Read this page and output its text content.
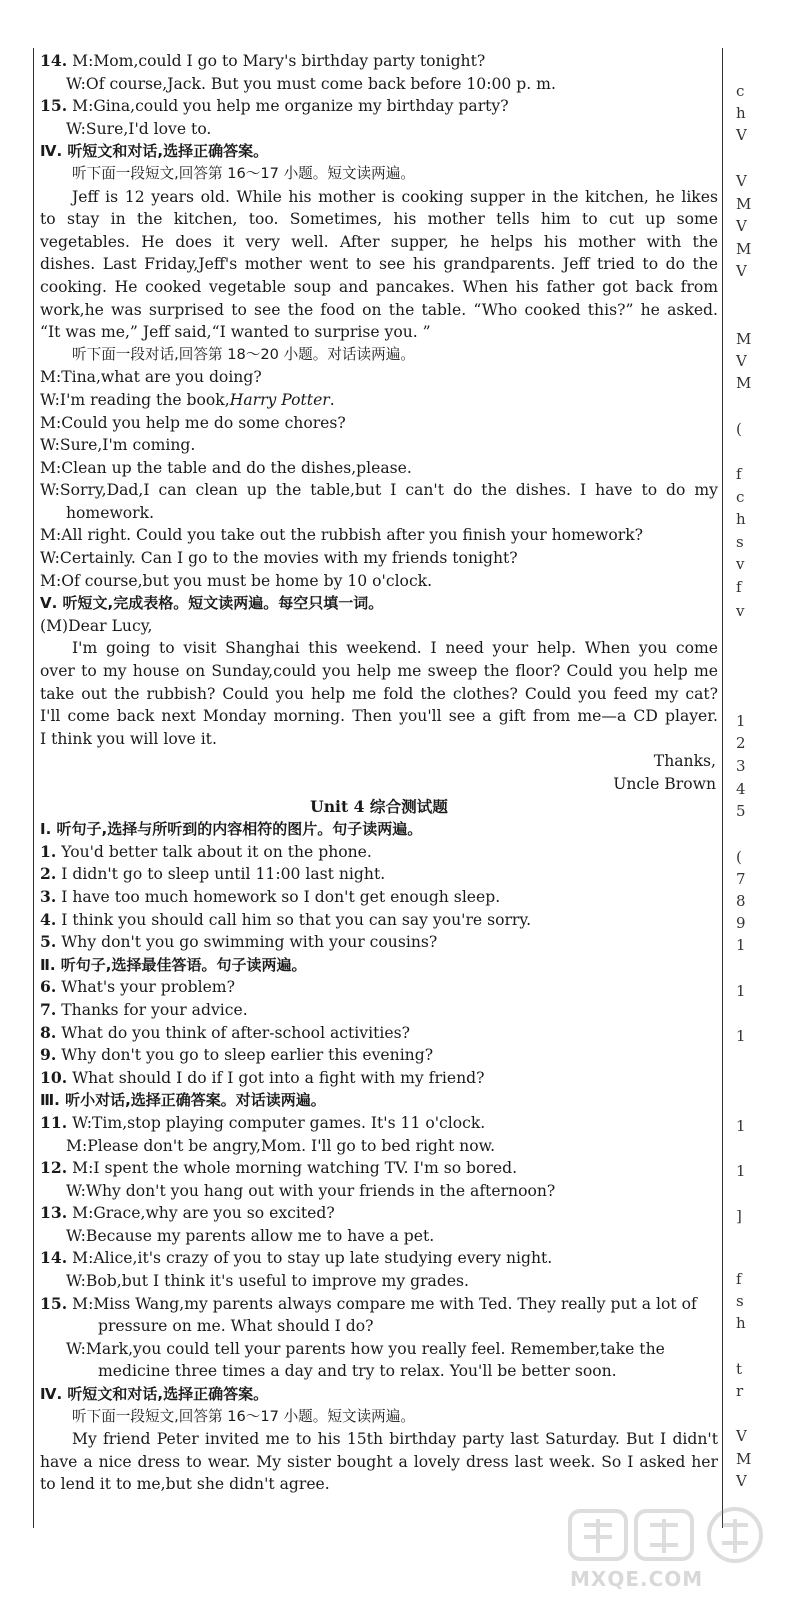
14. M:Mom,could I go to Mary's birthday party tonight?
W:Of course,Jack. But you must come back before 10:00 p. m.
15. M:Gina,could you help me organize my birthday party?
W:Sure,I'd love to.
Ⅳ. 听短文和对话,选择正确答案。
听下面一段短文,回答第 16～17 小题。短文读两遍。
Jeff is 12 years old. While his mother is cooking supper in the kitchen, he likes
to stay in the kitchen, too. Sometimes, his mother tells him to cut up some
vegetables. He does it very well. After supper, he helps his mother with the
dishes. Last Friday,Jeff's mother went to see his grandparents. Jeff tried to do the
cooking. He cooked vegetable soup and pancakes. When his father got back from
work,he was surprised to see the food on the table. “Who cooked this?” he asked.
“It was me,” Jeff said,“I wanted to surprise you. ”
听下面一段对话,回答第 18～20 小题。对话读两遍。
M:Tina,what are you doing?
W:I'm reading the book,Harry Potter.
M:Could you help me do some chores?
W:Sure,I'm coming.
M:Clean up the table and do the dishes,please.
W:Sorry,Dad,I can clean up the table,but I can't do the dishes. I have to do my
homework.
M:All right. Could you take out the rubbish after you finish your homework?
W:Certainly. Can I go to the movies with my friends tonight?
M:Of course,but you must be home by 10 o'clock.
Ⅴ. 听短文,完成表格。短文读两遍。每空只填一词。
(M)Dear Lucy,
I'm going to visit Shanghai this weekend. I need your help. When you come
over to my house on Sunday,could you help me sweep the floor? Could you help me
take out the rubbish? Could you help me fold the clothes? Could you feed my cat?
I'll come back next Monday morning. Then you'll see a gift from me—a CD player.
I think you will love it.
Thanks,
Uncle Brown
Unit 4 综合测试题
Ⅰ. 听句子,选择与所听到的内容相符的图片。句子读两遍。
1. You'd better talk about it on the phone.
2. I didn't go to sleep until 11:00 last night.
3. I have too much homework so I don't get enough sleep.
4. I think you should call him so that you can say you're sorry.
5. Why don't you go swimming with your cousins?
Ⅱ. 听句子,选择最佳答语。句子读两遍。
6. What's your problem?
7. Thanks for your advice.
8. What do you think of after-school activities?
9. Why don't you go to sleep earlier this evening?
10. What should I do if I got into a fight with my friend?
Ⅲ. 听小对话,选择正确答案。对话读两遍。
11. W:Tim,stop playing computer games. It's 11 o'clock.
M:Please don't be angry,Mom. I'll go to bed right now.
12. M:I spent the whole morning watching TV. I'm so bored.
W:Why don't you hang out with your friends in the afternoon?
13. M:Grace,why are you so excited?
W:Because my parents allow me to have a pet.
14. M:Alice,it's crazy of you to stay up late studying every night.
W:Bob,but I think it's useful to improve my grades.
15. M:Miss Wang,my parents always compare me with Ted. They really put a lot of
pressure on me. What should I do?
W:Mark,you could tell your parents how you really feel. Remember,take the
medicine three times a day and try to relax. You'll be better soon.
Ⅳ. 听短文和对话,选择正确答案。
听下面一段短文,回答第 16～17 小题。短文读两遍。
My friend Peter invited me to his 15th birthday party last Saturday. But I didn't
have a nice dress to wear. My sister bought a lovely dress last week. So I asked her
to lend it to me,but she didn't agree.
c
h
V
V
M
V
M
V
M
V
M
(
f
c
h
s
v
f
v
1
2
3
4
5
(
7
8
9
1
1
1
1
1
]
f
s
h
t
r
V
M
V
MXQE.COM
